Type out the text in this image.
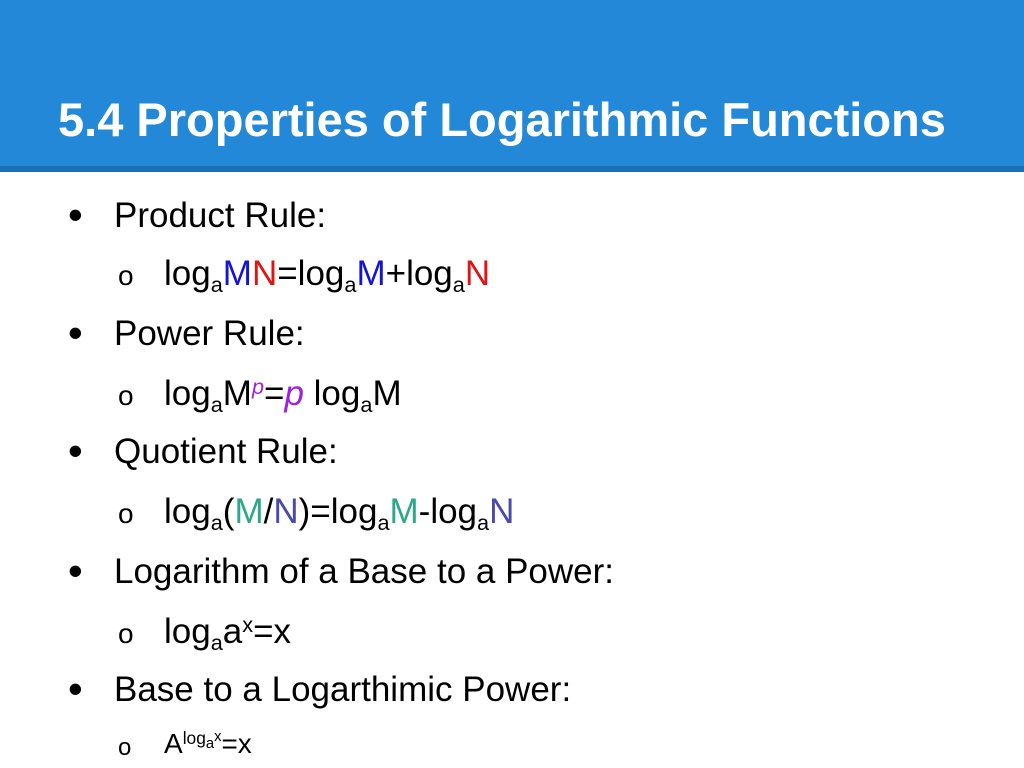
5.4 Properties of Logarithmic Functions
• Product Rule:
o $\log_aMN=\log_aM+\log_aN$
• Power Rule:
o $\log_aM^p=p$ $\log_aM$
• Quotient Rule:
o $\log_a(M/N)=\log_aM-\log_aN$
• Logarithm of a Base to a Power:
o $\log_aa^x=x$
• Base to a Logarthimic Power:
o $A^{logax}=x$
